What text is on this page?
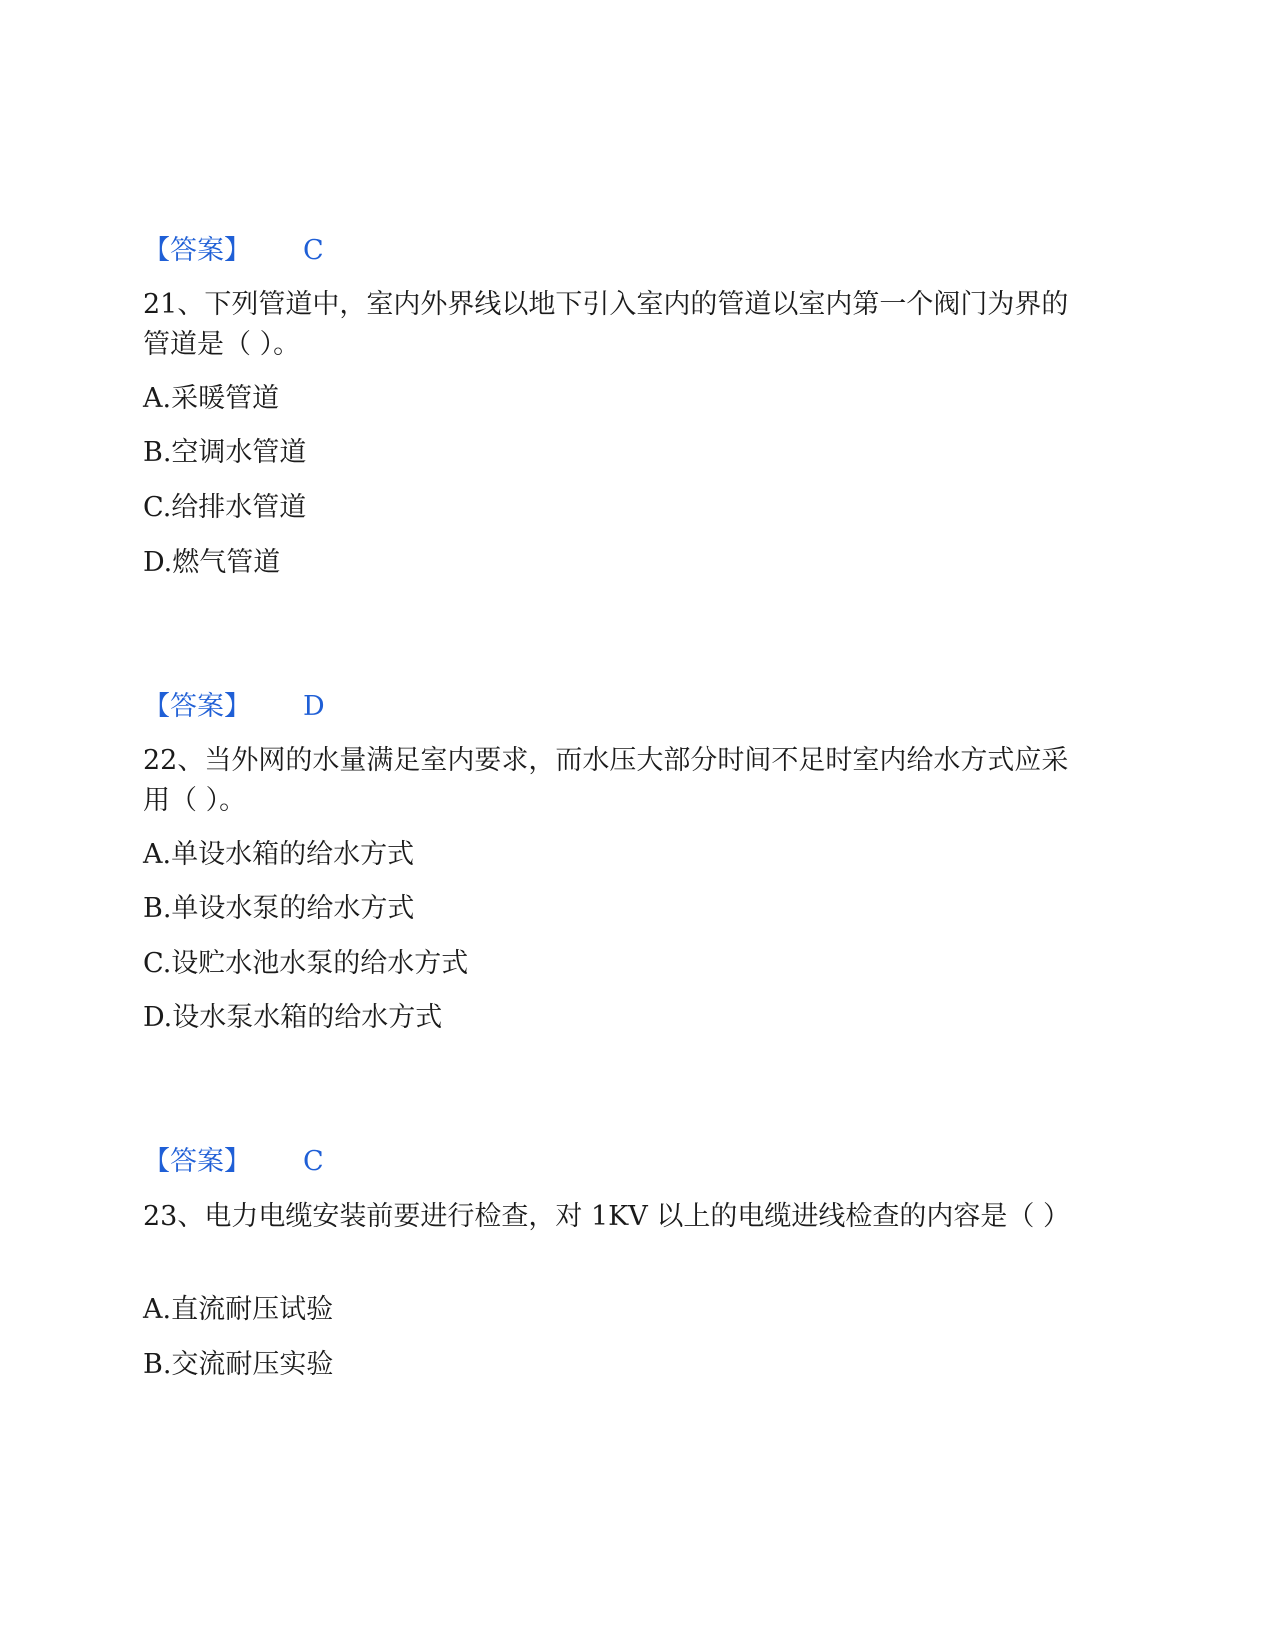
【答案】 C
21、下列管道中，室内外界线以地下引入室内的管道以室内第一个阀门为界的管道是（ ）。
A.采暖管道
B.空调水管道
C.给排水管道
D.燃气管道
【答案】 D
22、当外网的水量满足室内要求，而水压大部分时间不足时室内给水方式应采用（ ）。
A.单设水箱的给水方式
B.单设水泵的给水方式
C.设贮水池水泵的给水方式
D.设水泵水箱的给水方式
【答案】 C
23、电力电缆安装前要进行检查，对 1KV 以上的电缆进线检查的内容是（ ）
A.直流耐压试验
B.交流耐压实验
